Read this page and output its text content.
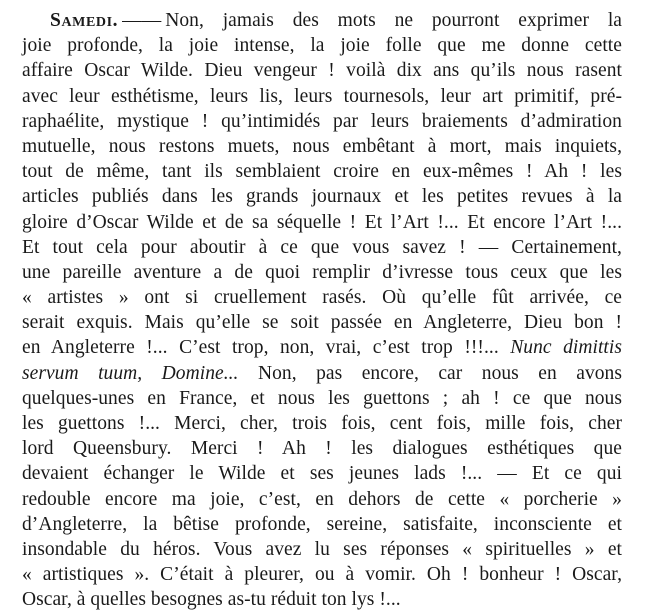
Samedi. —— Non, jamais des mots ne pourront exprimer la
joie profonde, la joie intense, la joie folle que me donne cette
affaire Oscar Wilde. Dieu vengeur ! voilà dix ans qu’ils nous rasent
avec leur esthétisme, leurs lis, leurs tournesols, leur art primitif, pré-
raphaélite, mystique ! qu’intimidés par leurs braiements d’admiration
mutuelle, nous restons muets, nous embêtant à mort, mais inquiets,
tout de même, tant ils semblaient croire en eux-mêmes ! Ah ! les
articles publiés dans les grands journaux et les petites revues à la
gloire d’Oscar Wilde et de sa séquelle ! Et l’Art !... Et encore l’Art !...
Et tout cela pour aboutir à ce que vous savez ! — Certainement,
une pareille aventure a de quoi remplir d’ivresse tous ceux que les
« artistes » ont si cruellement rasés. Où qu’elle fût arrivée, ce
serait exquis. Mais qu’elle se soit passée en Angleterre, Dieu bon !
en Angleterre !... C’est trop, non, vrai, c’est trop !!!... Nunc dimittis
servum tuum, Domine... Non, pas encore, car nous en avons
quelques-unes en France, et nous les guettons ; ah ! ce que nous
les guettons !... Merci, cher, trois fois, cent fois, mille fois, cher
lord Queensbury. Merci ! Ah ! les dialogues esthétiques que
devaient échanger le Wilde et ses jeunes lads !... — Et ce qui
redouble encore ma joie, c’est, en dehors de cette « porcherie »
d’Angleterre, la bêtise profonde, sereine, satisfaite, inconsciente et
insondable du héros. Vous avez lu ses réponses « spirituelles » et
« artistiques ». C’était à pleurer, ou à vomir. Oh ! bonheur ! Oscar,
Oscar, à quelles besognes as-tu réduit ton lys !...
